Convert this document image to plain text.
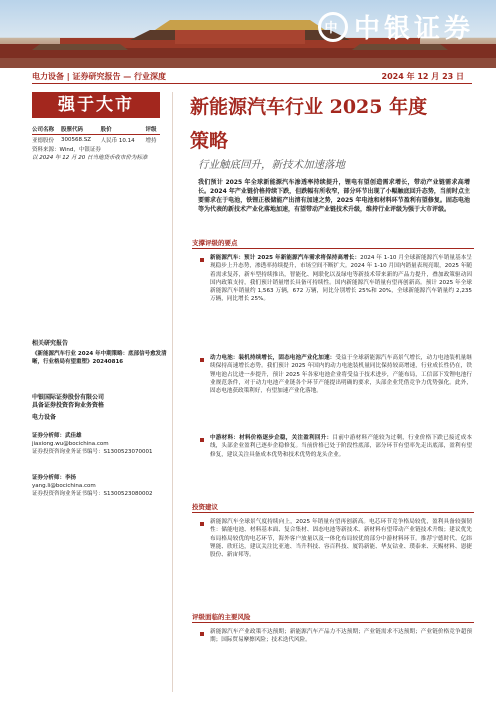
中 中银证券
电力设备 | 证券研究报告 — 行业深度	2024 年 12 月 23 日
强于大市
公司名称	股票代码	股价	评级
亚德股份	300568.SZ	人民币 10.14	增持
资料来源：Wind，中银证券
以 2024 年 12 月 20 日当地货币收市价为标准
相关研究报告
《新能源汽车行业 2024 年中期策略：底部信号愈发清晰，行业格局有望重塑》20240816
中银国际证券股份有限公司
具备证券投资咨询业务资格
电力设备
证券分析师：武佳雄
jiaxiong.wu@bocichina.com
证券投资咨询业务证书编号：S1300523070001
证券分析师：李扬
yang.li@bocichina.com
证券投资咨询业务证书编号：S1300523080002
新能源汽车行业 2025 年度
策略
行业触底回升，新技术加速落地
我们预计 2025 年全球新能源汽车渗透率持续提升，锂电有望创造需求增长，带动产业链需求高增长。2024 年产业链价格持续下跌，但跌幅有所收窄，部分环节出现了小幅触底回升态势，当前时点主要需求在于电池，铁锂正极储能产出清有加速之势，2025 年电池和材料环节盈利有望修复。固态电池等为代表的新技术产业化落地加速，有望带动产业链技术升级，维持行业评级为强于大市评级。
支撑评级的要点
新能源汽车：预计 2025 年新能源汽车需求将保持高增长：2024 年 1-10 月全球新能源汽车销量基本呈现稳步上升态势，渗透率持续提升，市场空间不断扩大。2024 年 1-10 月国内销量表现亮眼，2025 年随着需求复苏，新车型持续推出，智能化、网联化以及绿电等新技术带来新的产品力提升，叠加政策驱动因国内政策支持，我们预计销量增长具备可持续性。国内新能源汽车销量有望再创新高。预计 2025 年全球新能源汽车销量约 1,563 万辆，672 万辆，同比分别增长 25%和 20%，全球新能源汽车销量约 2,235 万辆，同比增长 25%。
动力电池：装机持续增长，固态电池产业化加速：受益于全球新能源汽车高景气增长，动力电池装机量继续保持高速增长态势。我们预计 2025 年国内的动力电池装机量同比保持较高增速，行业成长性仍在，铁锂电池占比进一步提升，预计 2025 年各家电池企业将受益于技术进步，产能布局，工信部下发锂电池行业规范条件，对于动力电池产业链各个环节产能提出明确的要求，头部企业凭借竞争力优势强化。此外，固态电池获政策利好，有望加速产业化落地。
中游材料：材料价格逐步企稳，关注盈利回升：目前中游材料产能较为过剩，行业价格下跌已接近成本线，头部企业盈利已逐步企稳修复。当前价格已处于阶段性底部，部分环节有望率先走出底部，盈利有望修复，建议关注具备成本优势和技术优势的龙头企业。
投资建议
新能源汽车全球景气度持续向上，2025 年销量有望再创新高。电芯环节竞争格局较优，盈利具备较强韧性：储能电池、材料基本面、复合集材、固态电池等新技术、新材料有望带动产业链技术升级；建议优先布局格局较优的电芯环节，海外客户放量以及一体化布局较优的部分中游材料环节。推荐宁德时代、亿纬锂能、欣旺达，建议关注比亚迪、当升科技、容百科技、厦钨新能、华友钴业、璞泰来、天赐材料、恩捷股份、新宙邦等。
评级面临的主要风险
新能源汽车产业政策不达预期；新能源汽车产品力不达预期；产业链需求不达预期；产业链价格竞争超预期；国际贸易摩擦风险；技术迭代风险。
